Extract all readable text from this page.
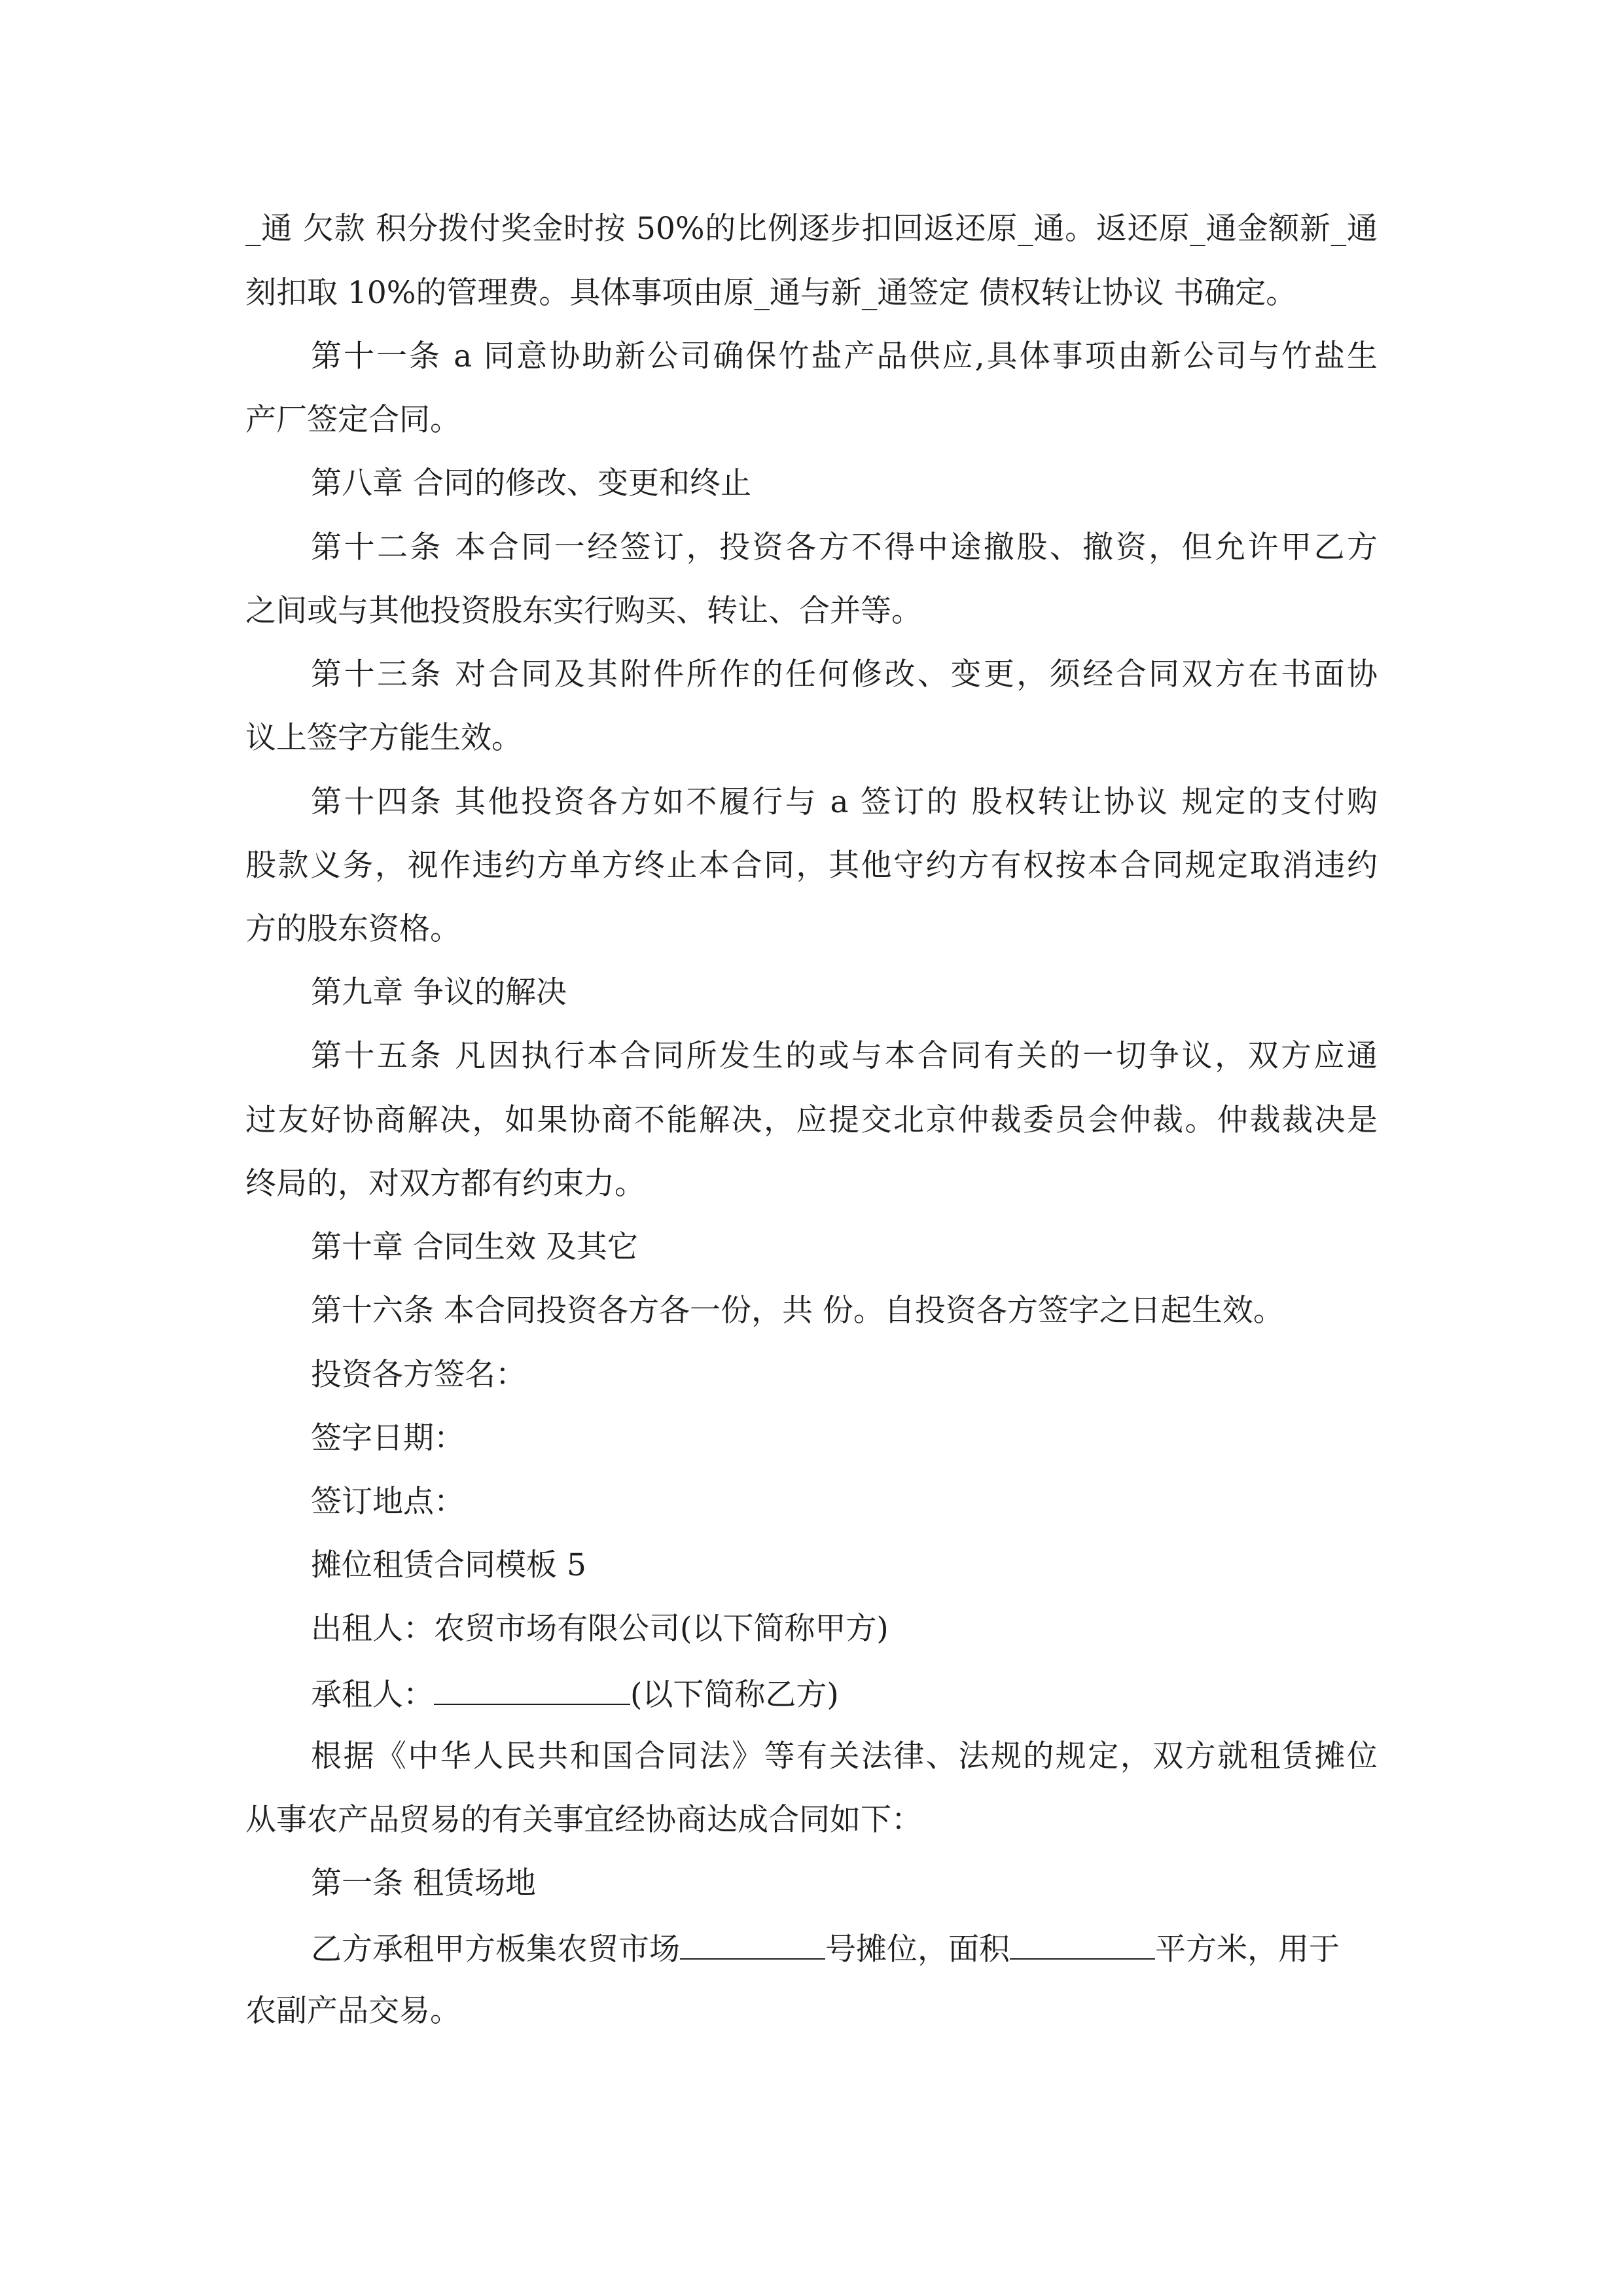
_通 欠款 积分拨付奖金时按 50%的比例逐步扣回返还原_通。返还原_通金额新_通
刻扣取 10%的管理费。具体事项由原_通与新_通签定 债权转让协议 书确定。
第十一条 a 同意协助新公司确保竹盐产品供应,具体事项由新公司与竹盐生
产厂签定合同。
第八章 合同的修改、变更和终止
第十二条 本合同一经签订，投资各方不得中途撤股、撤资，但允许甲乙方
之间或与其他投资股东实行购买、转让、合并等。
第十三条 对合同及其附件所作的任何修改、变更，须经合同双方在书面协
议上签字方能生效。
第十四条 其他投资各方如不履行与 a 签订的 股权转让协议 规定的支付购
股款义务，视作违约方单方终止本合同，其他守约方有权按本合同规定取消违约
方的股东资格。
第九章 争议的解决
第十五条 凡因执行本合同所发生的或与本合同有关的一切争议，双方应通
过友好协商解决，如果协商不能解决，应提交北京仲裁委员会仲裁。仲裁裁决是
终局的，对双方都有约束力。
第十章 合同生效 及其它
第十六条 本合同投资各方各一份，共 份。自投资各方签字之日起生效。
投资各方签名：
签字日期：
签订地点：
摊位租赁合同模板 5
出租人：农贸市场有限公司(以下简称甲方)
承租人：	(以下简称乙方)
根据《中华人民共和国合同法》等有关法律、法规的规定，双方就租赁摊位
从事农产品贸易的有关事宜经协商达成合同如下：
第一条 租赁场地
乙方承租甲方板集农贸市场	号摊位，面积	平方米，用于
农副产品交易。
